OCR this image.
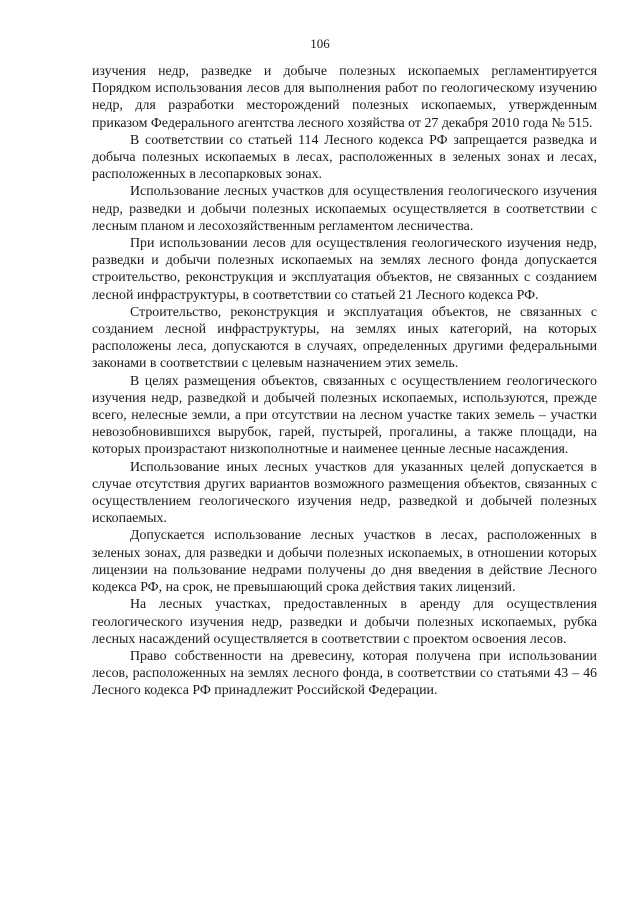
106

изучения недр, разведке и добыче полезных ископаемых регламентируется Порядком использования лесов для выполнения работ по геологическому изучению недр, для разработки месторождений полезных ископаемых, утвержденным приказом Федерального агентства лесного хозяйства от 27 декабря 2010 года № 515.

В соответствии со статьей 114 Лесного кодекса РФ запрещается разведка и добыча полезных ископаемых в лесах, расположенных в зеленых зонах и лесах, расположенных в лесопарковых зонах.

Использование лесных участков для осуществления геологического изучения недр, разведки и добычи полезных ископаемых осуществляется в соответствии с лесным планом и лесохозяйственным регламентом лесничества.

При использовании лесов для осуществления геологического изучения недр, разведки и добычи полезных ископаемых на землях лесного фонда допускается строительство, реконструкция и эксплуатация объектов, не связанных с созданием лесной инфраструктуры, в соответствии со статьей 21 Лесного кодекса РФ.

Строительство, реконструкция и эксплуатация объектов, не связанных с созданием лесной инфраструктуры, на землях иных категорий, на которых расположены леса, допускаются в случаях, определенных другими федеральными законами в соответствии с целевым назначением этих земель.

В целях размещения объектов, связанных с осуществлением геологического изучения недр, разведкой и добычей полезных ископаемых, используются, прежде всего, нелесные земли, а при отсутствии на лесном участке таких земель – участки невозобновившихся вырубок, гарей, пустырей, прогалины, а также площади, на которых произрастают низкополнотные и наименее ценные лесные насаждения.

Использование иных лесных участков для указанных целей допускается в случае отсутствия других вариантов возможного размещения объектов, связанных с осуществлением геологического изучения недр, разведкой и добычей полезных ископаемых.

Допускается использование лесных участков в лесах, расположенных в зеленых зонах, для разведки и добычи полезных ископаемых, в отношении которых лицензии на пользование недрами получены до дня введения в действие Лесного кодекса РФ, на срок, не превышающий срока действия таких лицензий.

На лесных участках, предоставленных в аренду для осуществления геологического изучения недр, разведки и добычи полезных ископаемых, рубка лесных насаждений осуществляется в соответствии с проектом освоения лесов.

Право собственности на древесину, которая получена при использовании лесов, расположенных на землях лесного фонда, в соответствии со статьями 43 – 46 Лесного кодекса РФ принадлежит Российской Федерации.
